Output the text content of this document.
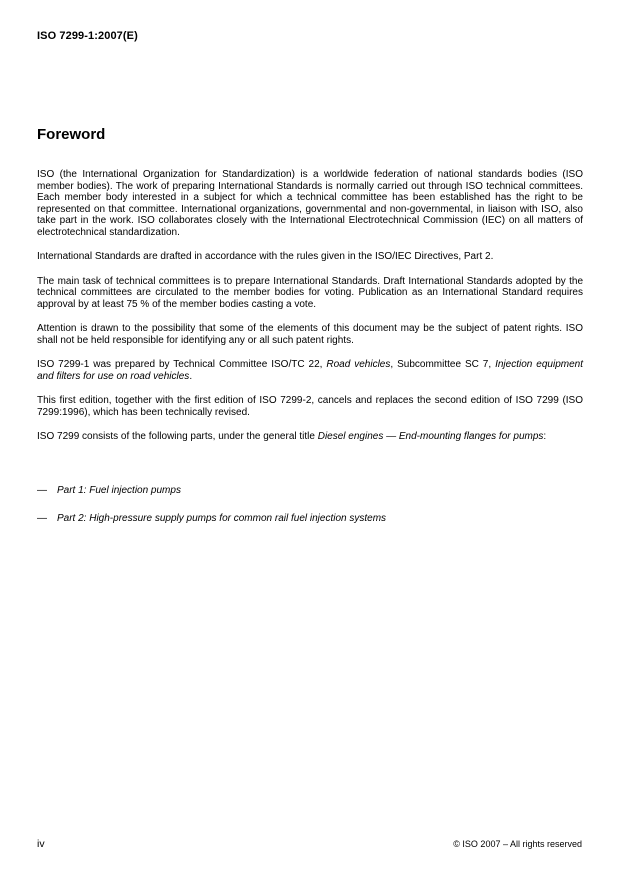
ISO 7299-1:2007(E)
Foreword

ISO (the International Organization for Standardization) is a worldwide federation of national standards bodies (ISO member bodies). The work of preparing International Standards is normally carried out through ISO technical committees. Each member body interested in a subject for which a technical committee has been established has the right to be represented on that committee. International organizations, governmental and non-governmental, in liaison with ISO, also take part in the work. ISO collaborates closely with the International Electrotechnical Commission (IEC) on all matters of electrotechnical standardization.

International Standards are drafted in accordance with the rules given in the ISO/IEC Directives, Part 2.

The main task of technical committees is to prepare International Standards. Draft International Standards adopted by the technical committees are circulated to the member bodies for voting. Publication as an International Standard requires approval by at least 75 % of the member bodies casting a vote.

Attention is drawn to the possibility that some of the elements of this document may be the subject of patent rights. ISO shall not be held responsible for identifying any or all such patent rights.

ISO 7299-1 was prepared by Technical Committee ISO/TC 22, Road vehicles, Subcommittee SC 7, Injection equipment and filters for use on road vehicles.

This first edition, together with the first edition of ISO 7299-2, cancels and replaces the second edition of ISO 7299 (ISO 7299:1996), which has been technically revised.

ISO 7299 consists of the following parts, under the general title Diesel engines — End-mounting flanges for pumps:

—	Part 1: Fuel injection pumps
—	Part 2: High-pressure supply pumps for common rail fuel injection systems
iv	© ISO 2007 – All rights reserved
